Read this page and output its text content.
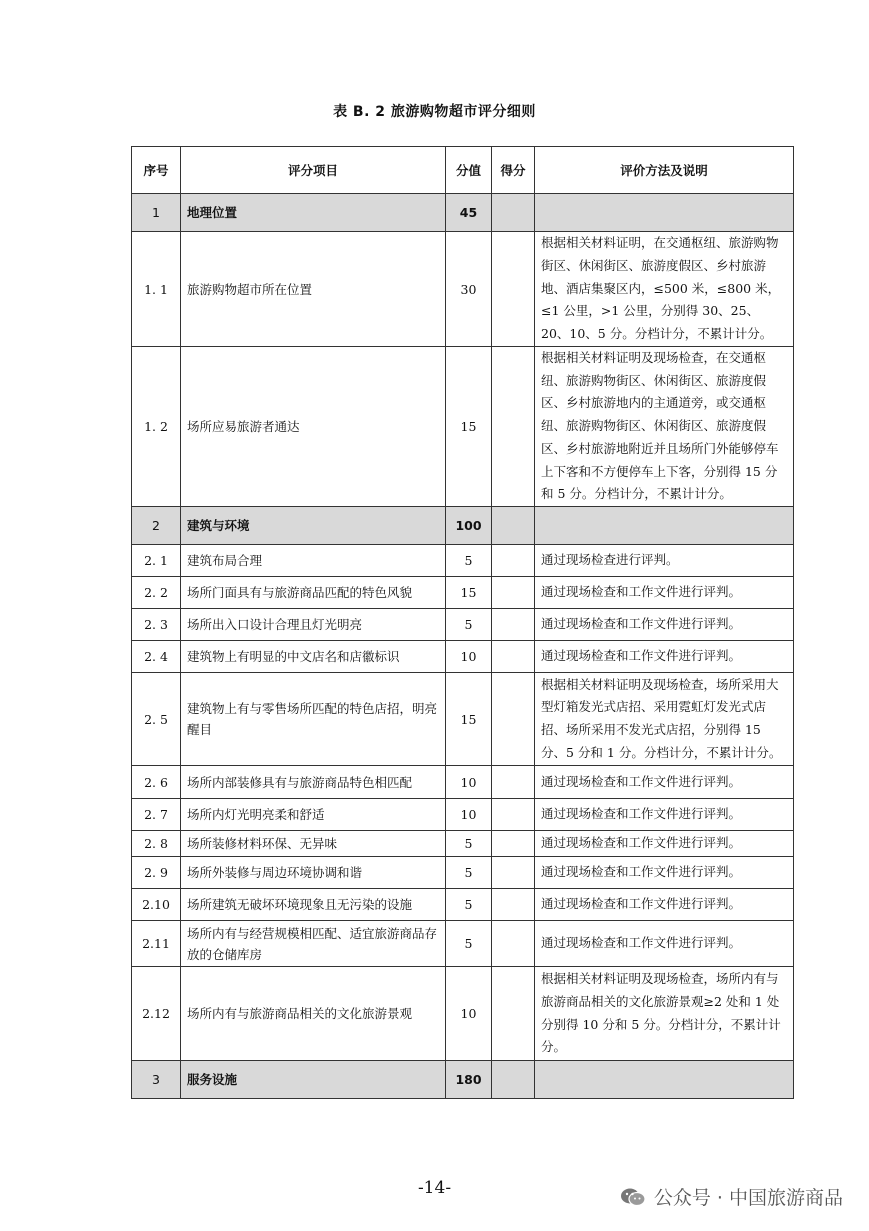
表 B. 2 旅游购物超市评分细则
序号	评分项目	分值	得分	评价方法及说明
1	地理位置	45		
1. 1	旅游购物超市所在位置	30		根据相关材料证明，在交通枢纽、旅游购物街区、休闲街区、旅游度假区、乡村旅游地、酒店集聚区内，≤500 米，≤800 米，≤1 公里，>1 公里，分别得 30、25、20、10、5 分。分档计分，不累计计分。
1. 2	场所应易旅游者通达	15		根据相关材料证明及现场检查，在交通枢纽、旅游购物街区、休闲街区、旅游度假区、乡村旅游地内的主通道旁，或交通枢纽、旅游购物街区、休闲街区、旅游度假区、乡村旅游地附近并且场所门外能够停车上下客和不方便停车上下客，分别得 15 分和 5 分。分档计分，不累计计分。
2	建筑与环境	100		
2. 1	建筑布局合理	5		通过现场检查进行评判。
2. 2	场所门面具有与旅游商品匹配的特色风貌	15		通过现场检查和工作文件进行评判。
2. 3	场所出入口设计合理且灯光明亮	5		通过现场检查和工作文件进行评判。
2. 4	建筑物上有明显的中文店名和店徽标识	10		通过现场检查和工作文件进行评判。
2. 5	建筑物上有与零售场所匹配的特色店招，明亮醒目	15		根据相关材料证明及现场检查，场所采用大型灯箱发光式店招、采用霓虹灯发光式店招、场所采用不发光式店招，分别得 15 分、5 分和 1 分。分档计分，不累计计分。
2. 6	场所内部装修具有与旅游商品特色相匹配	10		通过现场检查和工作文件进行评判。
2. 7	场所内灯光明亮柔和舒适	10		通过现场检查和工作文件进行评判。
2. 8	场所装修材料环保、无异味	5		通过现场检查和工作文件进行评判。
2. 9	场所外装修与周边环境协调和谐	5		通过现场检查和工作文件进行评判。
2.10	场所建筑无破坏环境现象且无污染的设施	5		通过现场检查和工作文件进行评判。
2.11	场所内有与经营规模相匹配、适宜旅游商品存放的仓储库房	5		通过现场检查和工作文件进行评判。
2.12	场所内有与旅游商品相关的文化旅游景观	10		根据相关材料证明及现场检查，场所内有与旅游商品相关的文化旅游景观≥2 处和 1 处分别得 10 分和 5 分。分档计分，不累计计分。
3	服务设施	180		
-14-	公众号 · 中国旅游商品
